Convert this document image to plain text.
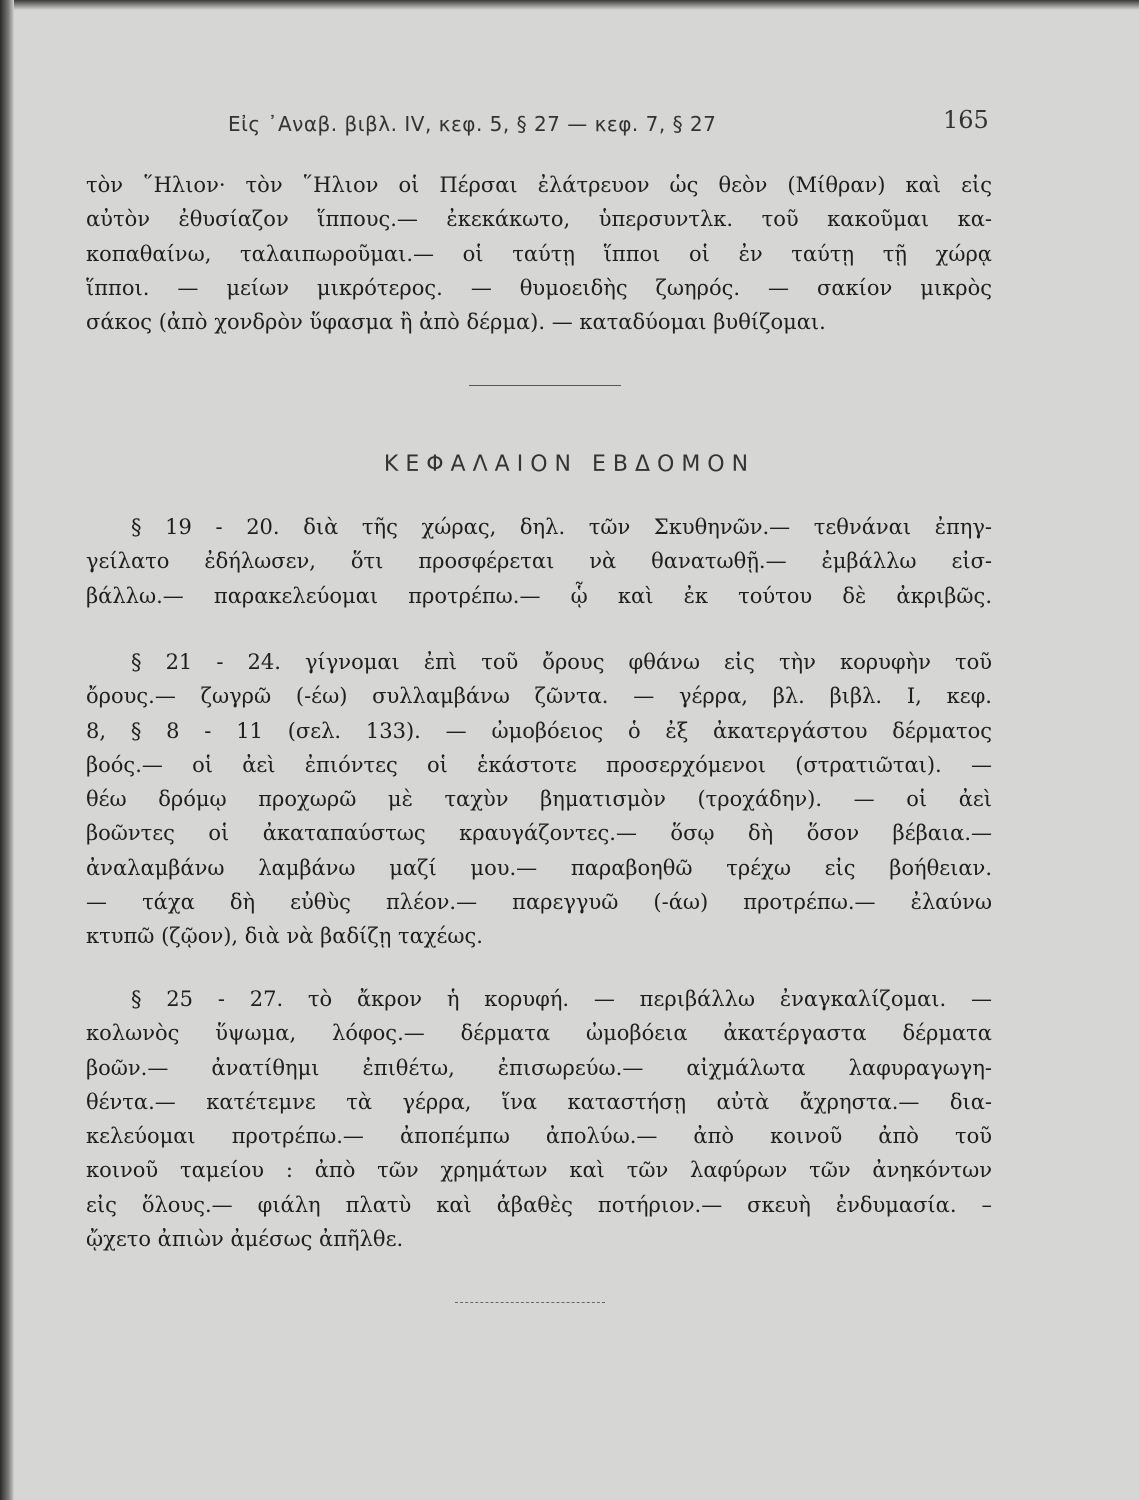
Εἰς ᾽Αναβ. βιβλ. IV, κεφ. 5, § 27 — κεφ. 7, § 27	165
τὸν ῞Ηλιον· τὸν ῞Ηλιον οἱ Πέρσαι ἐλάτρευον ὡς θεὸν (Μίθραν) καὶ εἰς
αὐτὸν ἐθυσίαζον ἵππους.— ἐκεκάκωτο, ὑπερσυντλκ. τοῦ κακοῦμαι κα-
κοπαθαίνω, ταλαιπωροῦμαι.— οἱ ταύτῃ ἵπποι οἱ ἐν ταύτῃ τῇ χώρᾳ
ἵπποι. — μείων μικρότερος. — θυμοειδὴς ζωηρός. — σακίον μικρὸς
σάκος (ἀπὸ χονδρὸν ὕφασμα ἢ ἀπὸ δέρμα). — καταδύομαι βυθίζομαι.
ΚΕΦΑΛΑΙΟΝ ΕΒΔΟΜΟΝ
§ 19 - 20. διὰ τῆς χώρας, δηλ. τῶν Σκυθηνῶν.— τεθνάναι ἐπηγ-
γείλατο ἐδήλωσεν, ὅτι προσφέρεται νὰ θανατωθῇ.— ἐμβάλλω εἰσ-
βάλλω.— παρακελεύομαι προτρέπω.— ᾧ καὶ ἐκ τούτου δὲ ἀκριβῶς.
§ 21 - 24. γίγνομαι ἐπὶ τοῦ ὄρους φθάνω εἰς τὴν κορυφὴν τοῦ
ὄρους.— ζωγρῶ (-έω) συλλαμβάνω ζῶντα. — γέρρα, βλ. βιβλ. I, κεφ.
8, § 8 - 11 (σελ. 133). — ὠμοβόειος ὁ ἐξ ἀκατεργάστου δέρματος
βοός.— οἱ ἀεὶ ἐπιόντες οἱ ἑκάστοτε προσερχόμενοι (στρατιῶται). —
θέω δρόμῳ προχωρῶ μὲ ταχὺν βηματισμὸν (τροχάδην). — οἱ ἀεὶ
βοῶντες οἱ ἀκαταπαύστως κραυγάζοντες.— ὅσῳ δὴ ὅσον βέβαια.—
ἀναλαμβάνω λαμβάνω μαζί μου.— παραβοηθῶ τρέχω εἰς βοήθειαν.
— τάχα δὴ εὐθὺς πλέον.— παρεγγυῶ (-άω) προτρέπω.— ἐλαύνω
κτυπῶ (ζῷον), διὰ νὰ βαδίζῃ ταχέως.
§ 25 - 27. τὸ ἄκρον ἡ κορυφή. — περιβάλλω ἐναγκαλίζομαι. —
κολωνὸς ὕψωμα, λόφος.— δέρματα ὠμοβόεια ἀκατέργαστα δέρματα
βοῶν.— ἀνατίθημι ἐπιθέτω, ἐπισωρεύω.— αἰχμάλωτα λαφυραγωγη-
θέντα.— κατέτεμνε τὰ γέρρα, ἵνα καταστήσῃ αὐτὰ ἄχρηστα.— δια-
κελεύομαι προτρέπω.— ἀποπέμπω ἀπολύω.— ἀπὸ κοινοῦ ἀπὸ τοῦ
κοινοῦ ταμείου : ἀπὸ τῶν χρημάτων καὶ τῶν λαφύρων τῶν ἀνηκόντων
εἰς ὅλους.— φιάλη πλατὺ καὶ ἀβαθὲς ποτήριον.— σκευὴ ἐνδυμασία. –
ᾤχετο ἀπιὼν ἀμέσως ἀπῆλθε.
